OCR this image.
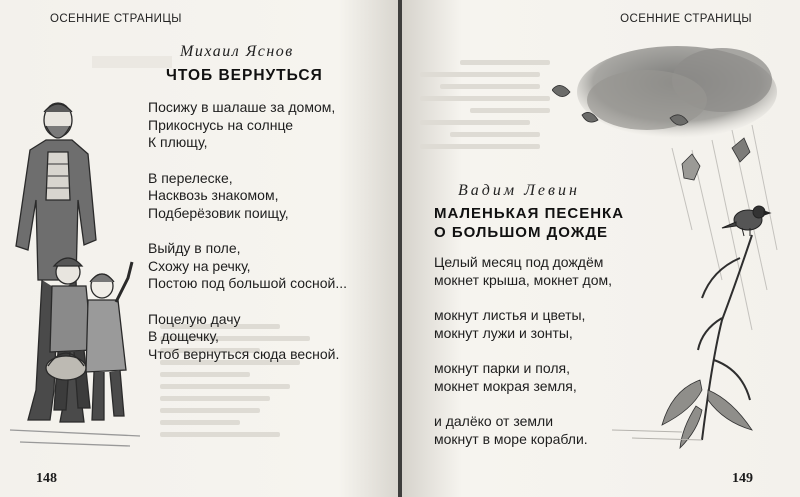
ОСЕННИЕ СТРАНИЦЫ
Михаил Яснов
ЧТОБ ВЕРНУТЬСЯ
Посижу в шалаше за домом,
Прикоснусь на солнце
К плющу,
В перелеске,
Насквозь знакомом,
Подберёзовик поищу,
Выйду в поле,
Схожу на речку,
Постою под большой сосной...
Поцелую дачу
В дощечку,
Чтоб вернуться сюда весной.
148
ОСЕННИЕ СТРАНИЦЫ
Вадим Левин
МАЛЕНЬКАЯ ПЕСЕНКА
О БОЛЬШОМ ДОЖДЕ
Целый месяц под дождём
мокнет крыша, мокнет дом,
мокнут листья и цветы,
мокнут лужи и зонты,
мокнут парки и поля,
мокнет мокрая земля,
и далёко от земли
мокнут в море корабли.
149
